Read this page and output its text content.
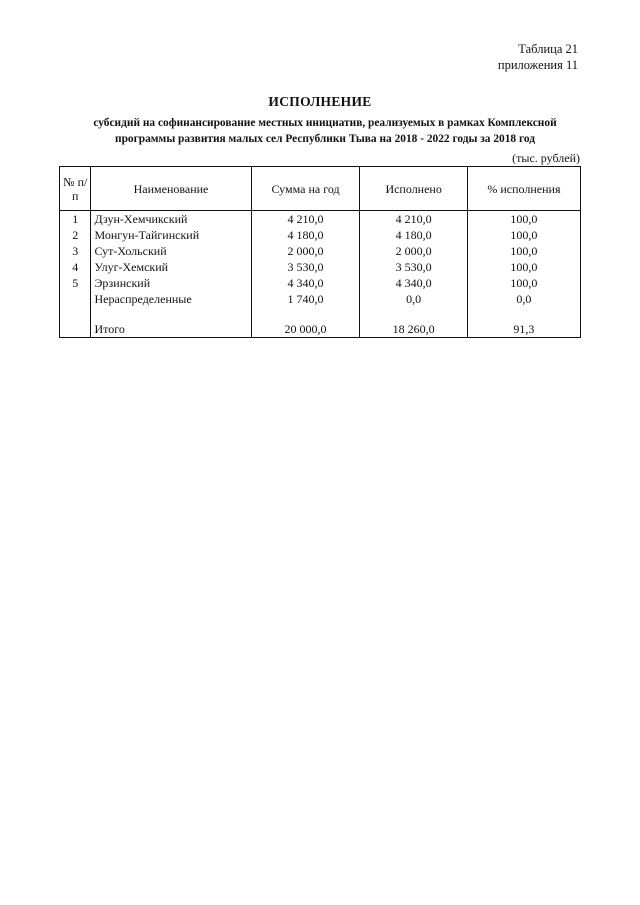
Таблица 21
приложения 11
ИСПОЛНЕНИЕ
субсидий на софинансирование местных инициатив, реализуемых в рамках Комплексной программы развития малых сел Республики Тыва на 2018 - 2022 годы за 2018 год
(тыс. рублей)
№ п/п	Наименование	Сумма на год	Исполнено	% исполнения
1	Дзун-Хемчикский	4 210,0	4 210,0	100,0
2	Монгун-Тайгинский	4 180,0	4 180,0	100,0
3	Сут-Хольский	2 000,0	2 000,0	100,0
4	Улуг-Хемский	3 530,0	3 530,0	100,0
5	Эрзинский	4 340,0	4 340,0	100,0
	Нераспределенные	1 740,0	0,0	0,0

	Итого	20 000,0	18 260,0	91,3
